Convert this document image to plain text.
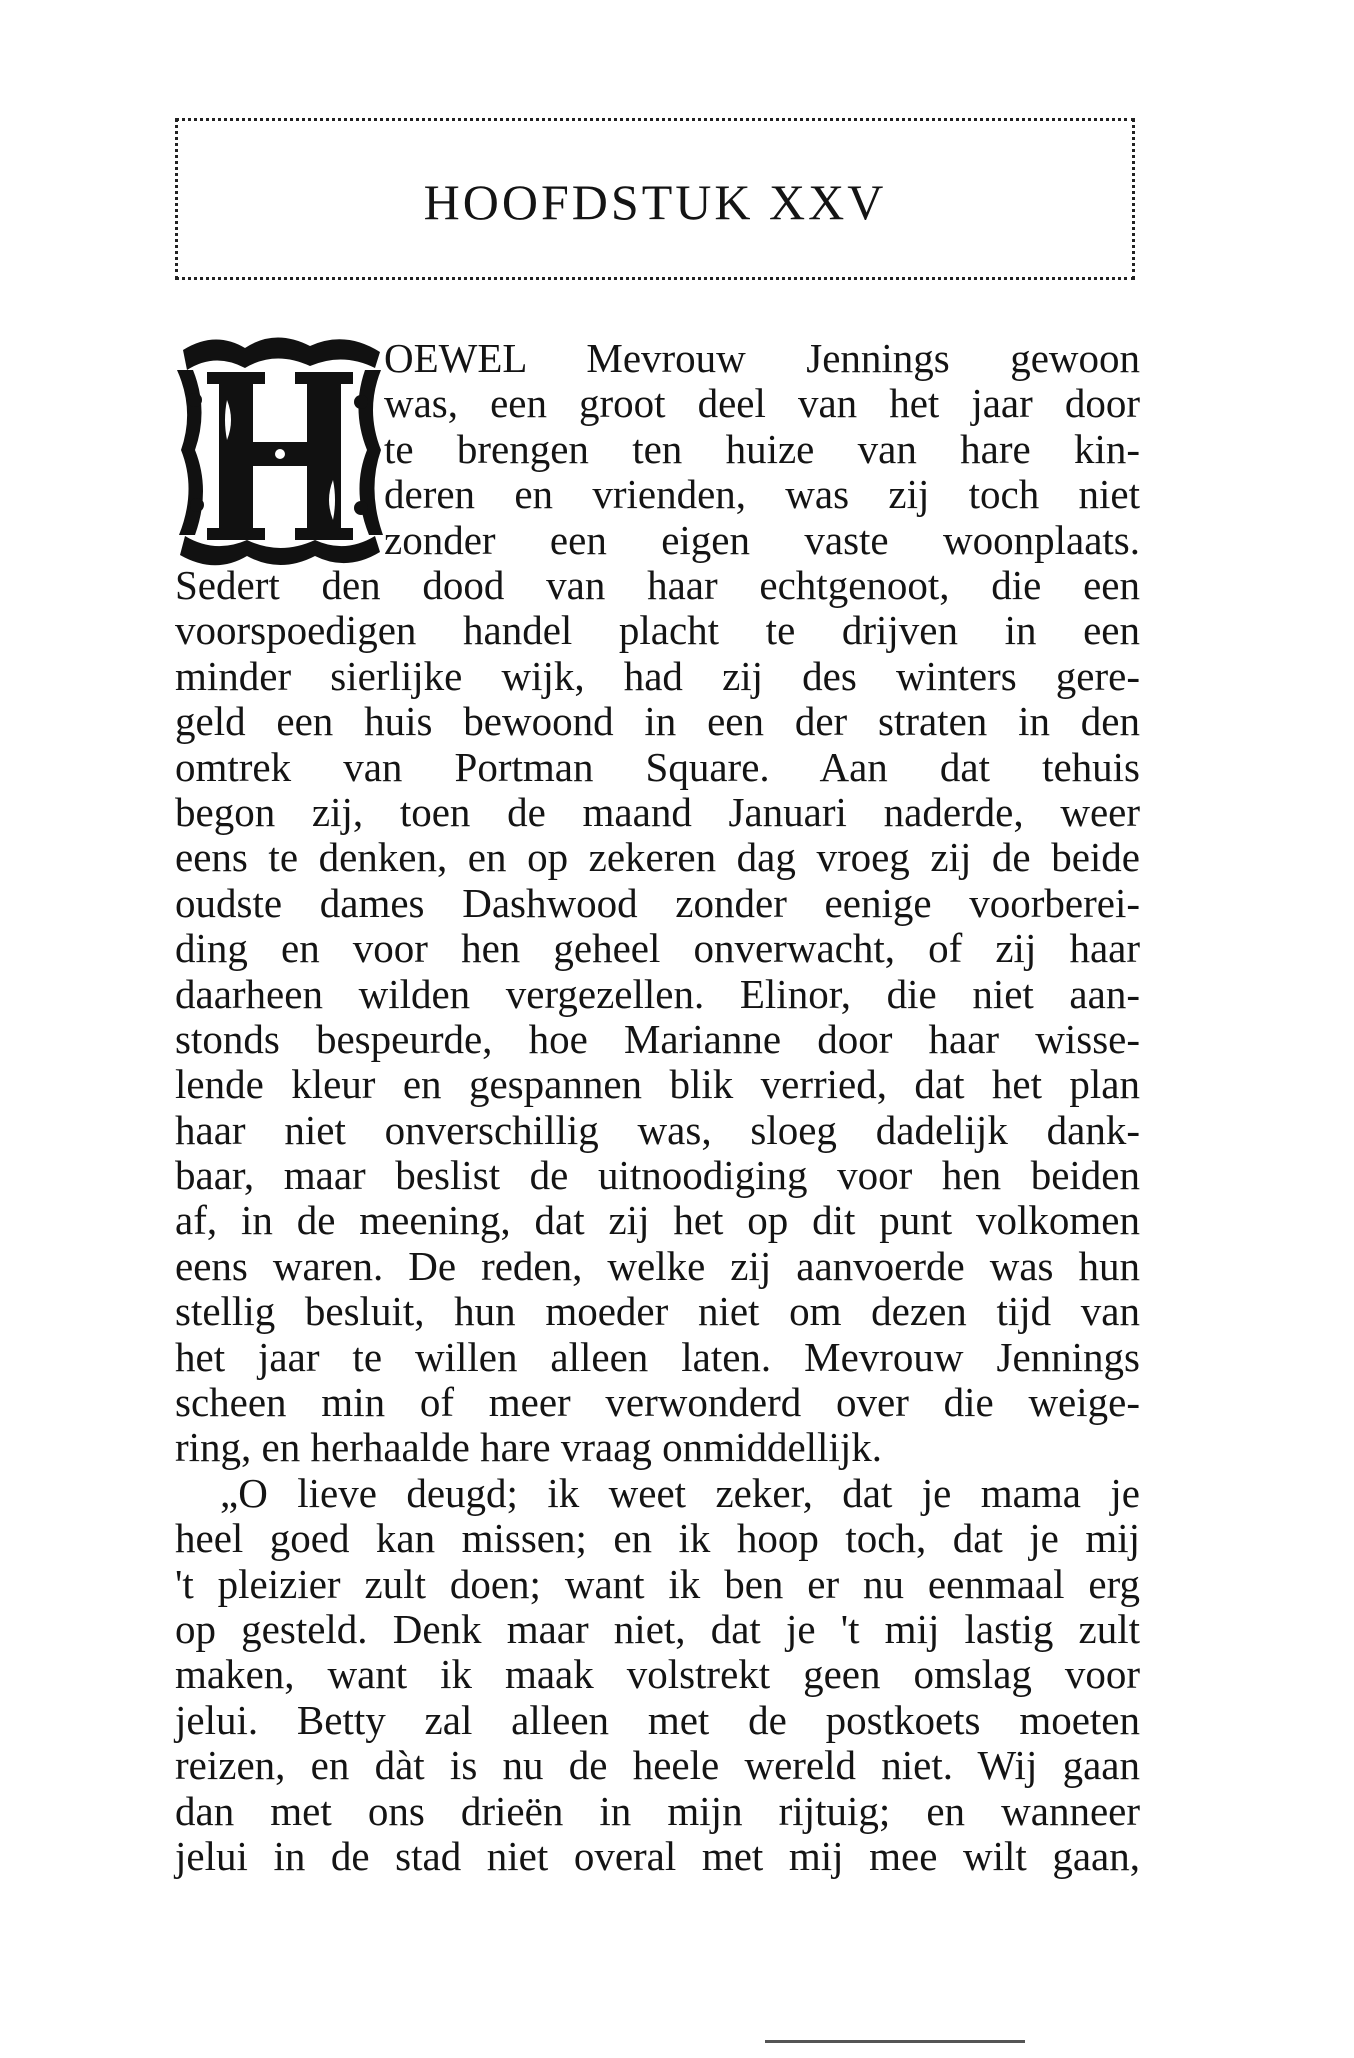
HOOFDSTUK XXV
OEWEL Mevrouw Jennings gewoon
was, een groot deel van het jaar door
te brengen ten huize van hare kin-
deren en vrienden, was zij toch niet
zonder een eigen vaste woonplaats.
Sedert den dood van haar echtgenoot, die een
voorspoedigen handel placht te drijven in een
minder sierlijke wijk, had zij des winters gere-
geld een huis bewoond in een der straten in den
omtrek van Portman Square. Aan dat tehuis
begon zij, toen de maand Januari naderde, weer
eens te denken, en op zekeren dag vroeg zij de beide
oudste dames Dashwood zonder eenige voorberei-
ding en voor hen geheel onverwacht, of zij haar
daarheen wilden vergezellen. Elinor, die niet aan-
stonds bespeurde, hoe Marianne door haar wisse-
lende kleur en gespannen blik verried, dat het plan
haar niet onverschillig was, sloeg dadelijk dank-
baar, maar beslist de uitnoodiging voor hen beiden
af, in de meening, dat zij het op dit punt volkomen
eens waren. De reden, welke zij aanvoerde was hun
stellig besluit, hun moeder niet om dezen tijd van
het jaar te willen alleen laten. Mevrouw Jennings
scheen min of meer verwonderd over die weige-
ring, en herhaalde hare vraag onmiddellijk.
„O lieve deugd; ik weet zeker, dat je mama je
heel goed kan missen; en ik hoop toch, dat je mij
't pleizier zult doen; want ik ben er nu eenmaal erg
op gesteld. Denk maar niet, dat je 't mij lastig zult
maken, want ik maak volstrekt geen omslag voor
jelui. Betty zal alleen met de postkoets moeten
reizen, en dàt is nu de heele wereld niet. Wij gaan
dan met ons drieën in mijn rijtuig; en wanneer
jelui in de stad niet overal met mij mee wilt gaan,
